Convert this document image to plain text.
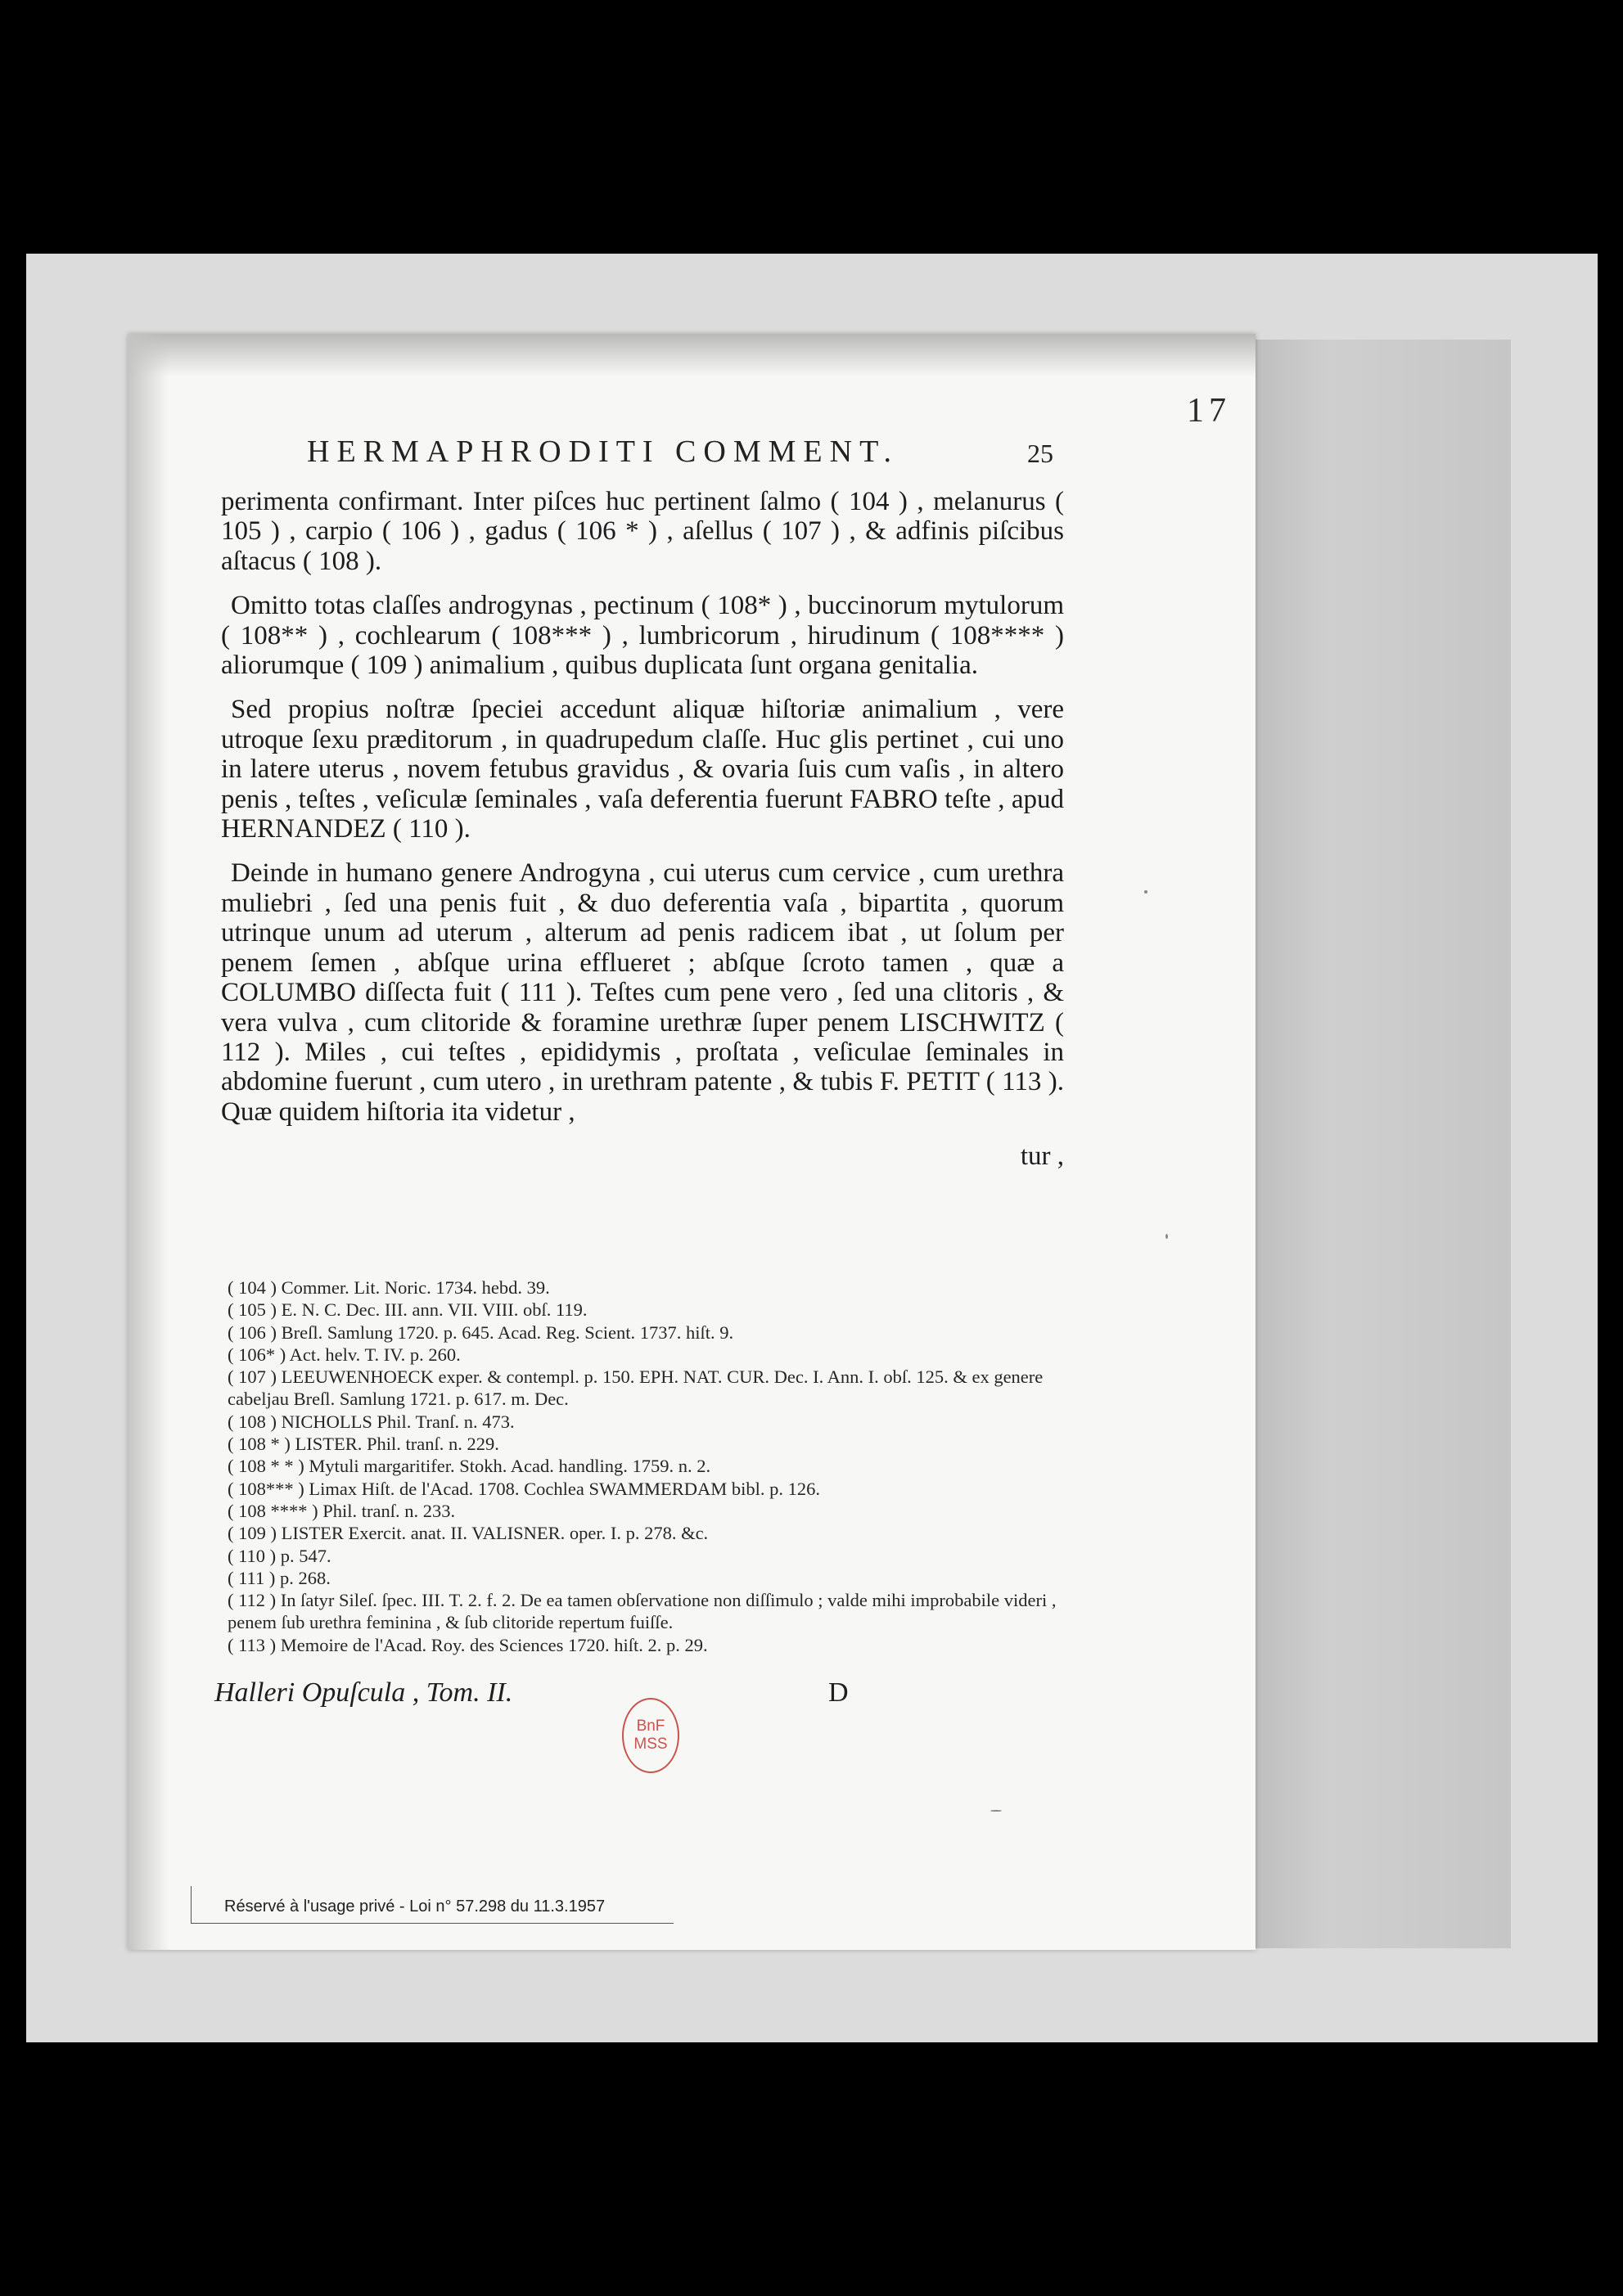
17
HERMAPHRODITI COMMENT.	25

perimenta confirmant. Inter piſces huc pertinent ſalmo ( 104 ) , melanurus ( 105 ) , carpio ( 106 ) , gadus ( 106 * ) , aſellus ( 107 ) , & adfinis piſcibus aſtacus ( 108 ).

Omitto totas claſſes androgynas , pectinum ( 108* ) , buccinorum mytulorum ( 108** ) , cochlearum ( 108*** ) , lumbricorum , hirudinum ( 108**** ) aliorumque ( 109 ) animalium , quibus duplicata ſunt organa genitalia.

Sed propius noſtræ ſpeciei accedunt aliquæ hiſtoriæ animalium , vere utroque ſexu præditorum , in quadrupedum claſſe. Huc glis pertinet , cui uno in latere uterus , novem fetubus gravidus , & ovaria ſuis cum vaſis , in altero penis , teſtes , veſiculæ ſeminales , vaſa deferentia fuerunt FABRO teſte , apud HERNANDEZ ( 110 ).

Deinde in humano genere Androgyna , cui uterus cum cervice , cum urethra muliebri , ſed una penis fuit , & duo deferentia vaſa , bipartita , quorum utrinque unum ad uterum , alterum ad penis radicem ibat , ut ſolum per penem ſemen , abſque urina efflueret ; abſque ſcroto tamen , quæ a COLUMBO diſſecta fuit ( 111 ). Teſtes cum pene vero , ſed una clitoris , & vera vulva , cum clitoride & foramine urethræ ſuper penem LISCHWITZ ( 112 ). Miles , cui teſtes , epididymis , proſtata , veſiculae ſeminales in abdomine fuerunt , cum utero , in urethram patente , & tubis F. PETIT ( 113 ). Quæ quidem hiſtoria ita videtur ,

tur ,

( 104 ) Commer. Lit. Noric. 1734. hebd. 39.

( 105 ) E. N. C. Dec. III. ann. VII. VIII. obſ. 119.

( 106 ) Breſl. Samlung 1720. p. 645. Acad. Reg. Scient. 1737. hiſt. 9.

( 106* ) Act. helv. T. IV. p. 260.

( 107 ) LEEUWENHOECK exper. & contempl. p. 150. EPH. NAT. CUR. Dec. I. Ann. I. obſ. 125. & ex genere cabeljau Breſl. Samlung 1721. p. 617. m. Dec.

( 108 ) NICHOLLS Phil. Tranſ. n. 473.

( 108 * ) LISTER. Phil. tranſ. n. 229.

( 108 * * ) Mytuli margaritifer. Stokh. Acad. handling. 1759. n. 2.

( 108*** ) Limax Hiſt. de l'Acad. 1708. Cochlea SWAMMERDAM bibl. p. 126.

( 108 **** ) Phil. tranſ. n. 233.

( 109 ) LISTER Exercit. anat. II. VALISNER. oper. I. p. 278. &c.

( 110 ) p. 547.

( 111 ) p. 268.

( 112 ) In ſatyr Sileſ. ſpec. III. T. 2. f. 2. De ea tamen obſervatione non diſſimulo ; valde mihi improbabile videri , penem ſub urethra feminina , & ſub clitoride repertum fuiſſe.

( 113 ) Memoire de l'Acad. Roy. des Sciences 1720. hiſt. 2. p. 29.

Halleri Opuſcula , Tom. II.	D
BnF
MSS
Réservé à l'usage privé - Loi n° 57.298 du 11.3.1957
